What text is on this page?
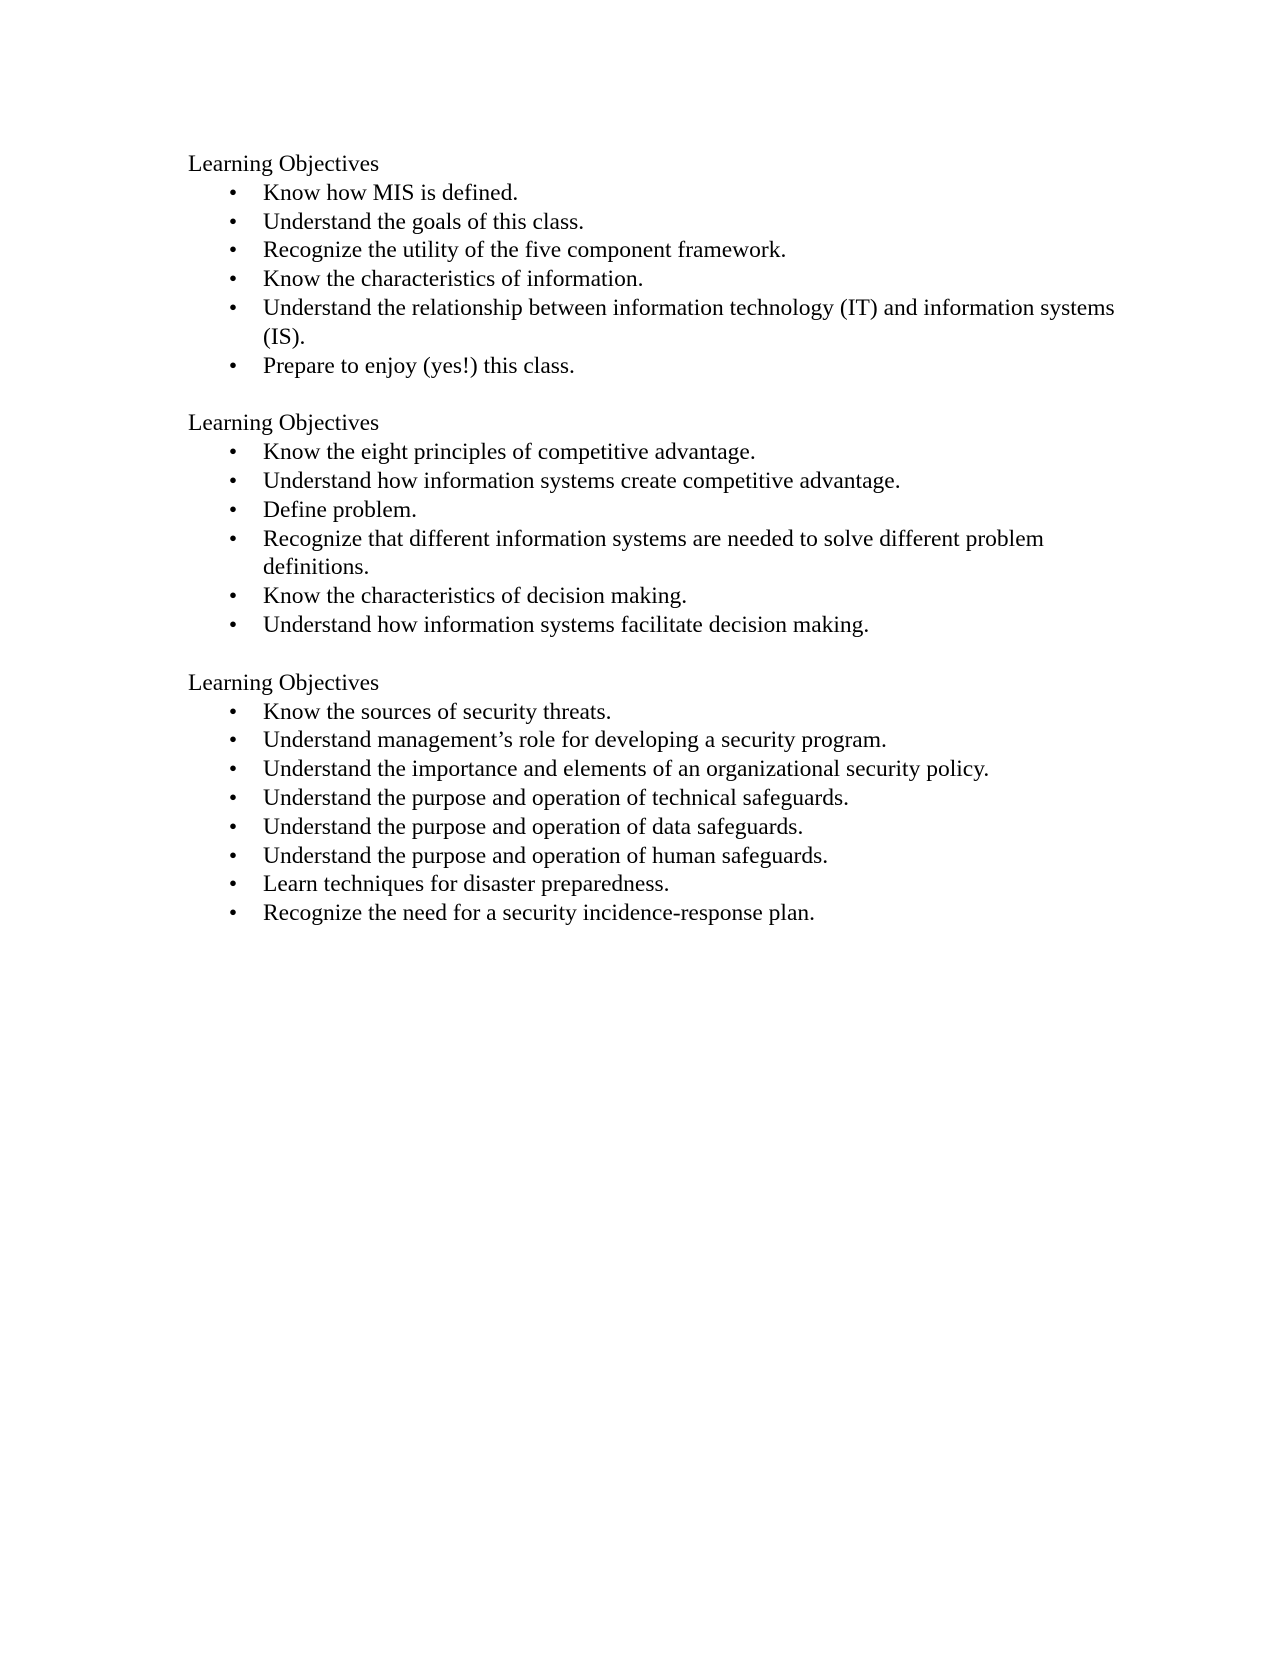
Learning Objectives
• Know how MIS is defined.
• Understand the goals of this class.
• Recognize the utility of the five component framework.
• Know the characteristics of information.
• Understand the relationship between information technology (IT) and information systems (IS).
• Prepare to enjoy (yes!) this class.
Learning Objectives
• Know the eight principles of competitive advantage.
• Understand how information systems create competitive advantage.
• Define problem.
• Recognize that different information systems are needed to solve different problem definitions.
• Know the characteristics of decision making.
• Understand how information systems facilitate decision making.
Learning Objectives
• Know the sources of security threats.
• Understand management’s role for developing a security program.
• Understand the importance and elements of an organizational security policy.
• Understand the purpose and operation of technical safeguards.
• Understand the purpose and operation of data safeguards.
• Understand the purpose and operation of human safeguards.
• Learn techniques for disaster preparedness.
• Recognize the need for a security incidence-response plan.
